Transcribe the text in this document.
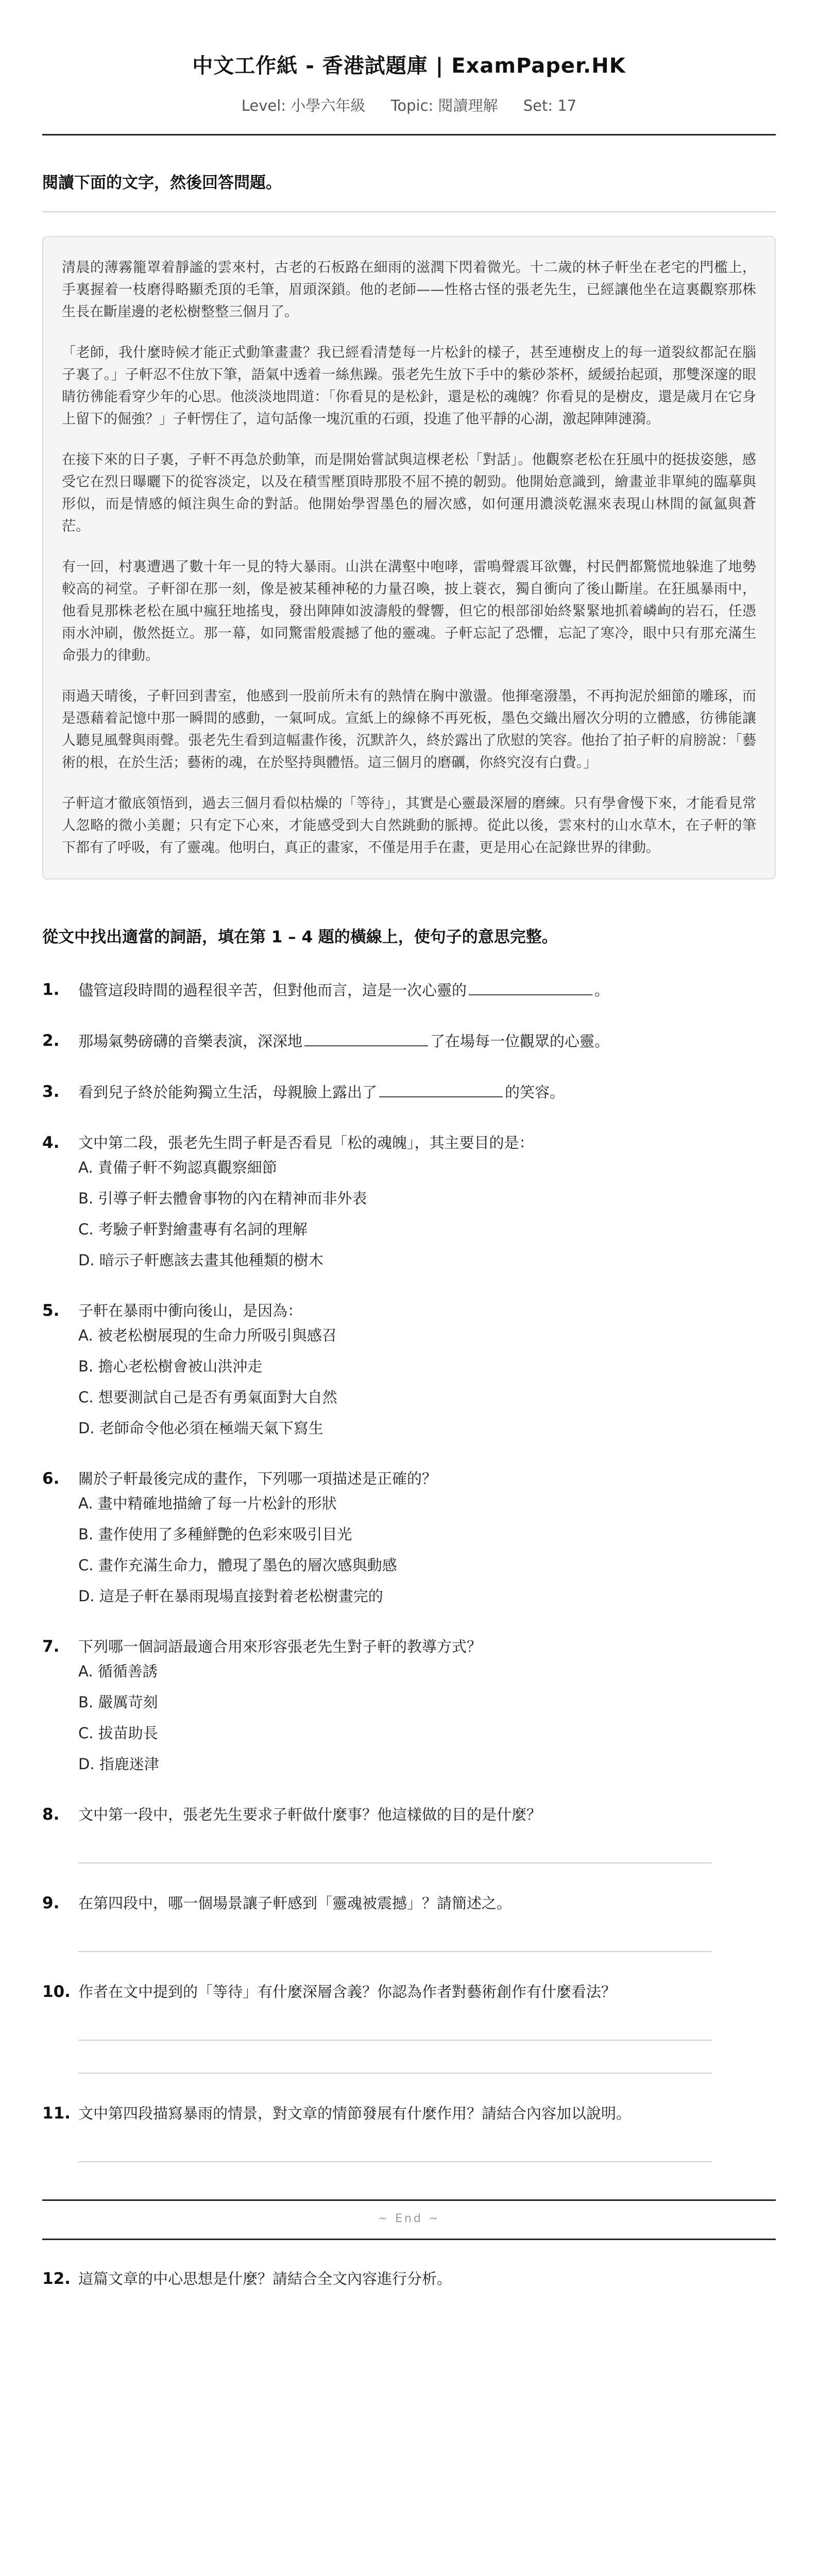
中文工作紙 - 香港試題庫 | ExamPaper.HK
Level: 小學六年級 Topic: 閱讀理解 Set: 17
閱讀下面的文字，然後回答問題。

清晨的薄霧籠罩着靜謐的雲來村，古老的石板路在細雨的滋潤下閃着微光。十二歲的林子軒坐在老宅的門檻上，手裏握着一枝磨得略顯禿頂的毛筆，眉頭深鎖。他的老師——性格古怪的張老先生，已經讓他坐在這裏觀察那株生長在斷崖邊的老松樹整整三個月了。

「老師，我什麼時候才能正式動筆畫畫？我已經看清楚每一片松針的樣子，甚至連樹皮上的每一道裂紋都記在腦子裏了。」子軒忍不住放下筆，語氣中透着一絲焦躁。張老先生放下手中的紫砂茶杯，緩緩抬起頭，那雙深邃的眼睛彷彿能看穿少年的心思。他淡淡地問道：「你看見的是松針，還是松的魂魄？你看見的是樹皮，還是歲月在它身上留下的倔強？」子軒愣住了，這句話像一塊沉重的石頭，投進了他平靜的心湖，激起陣陣漣漪。

在接下來的日子裏，子軒不再急於動筆，而是開始嘗試與這棵老松「對話」。他觀察老松在狂風中的挺拔姿態，感受它在烈日曝曬下的從容淡定，以及在積雪壓頂時那股不屈不撓的韌勁。他開始意識到，繪畫並非單純的臨摹與形似，而是情感的傾注與生命的對話。他開始學習墨色的層次感，如何運用濃淡乾濕來表現山林間的氤氳與蒼茫。

有一回，村裏遭遇了數十年一見的特大暴雨。山洪在溝壑中咆哮，雷鳴聲震耳欲聾，村民們都驚慌地躲進了地勢較高的祠堂。子軒卻在那一刻，像是被某種神秘的力量召喚，披上蓑衣，獨自衝向了後山斷崖。在狂風暴雨中，他看見那株老松在風中瘋狂地搖曳，發出陣陣如波濤般的聲響，但它的根部卻始終緊緊地抓着嶙峋的岩石，任憑雨水沖刷，傲然挺立。那一幕，如同驚雷般震撼了他的靈魂。子軒忘記了恐懼，忘記了寒冷，眼中只有那充滿生命張力的律動。

雨過天晴後，子軒回到書室，他感到一股前所未有的熱情在胸中激盪。他揮毫潑墨，不再拘泥於細節的雕琢，而是憑藉着記憶中那一瞬間的感動，一氣呵成。宣紙上的線條不再死板，墨色交織出層次分明的立體感，彷彿能讓人聽見風聲與雨聲。張老先生看到這幅畫作後，沉默許久，終於露出了欣慰的笑容。他抬了拍子軒的肩膀說：「藝術的根，在於生活；藝術的魂，在於堅持與體悟。這三個月的磨礪，你終究沒有白費。」

子軒這才徹底領悟到，過去三個月看似枯燥的「等待」，其實是心靈最深層的磨練。只有學會慢下來，才能看見常人忽略的微小美麗；只有定下心來，才能感受到大自然跳動的脈搏。從此以後，雲來村的山水草木，在子軒的筆下都有了呼吸，有了靈魂。他明白，真正的畫家，不僅是用手在畫，更是用心在記錄世界的律動。

從文中找出適當的詞語，填在第 1 – 4 題的橫線上，使句子的意思完整。
1.	儘管這段時間的過程很辛苦，但對他而言，這是一次心靈的	。
2.	那場氣勢磅礴的音樂表演，深深地	了在場每一位觀眾的心靈。
3.	看到兒子終於能夠獨立生活，母親臉上露出了	的笑容。
4.	文中第二段，張老先生問子軒是否看見「松的魂魄」，其主要目的是：
A. 責備子軒不夠認真觀察細節
B. 引導子軒去體會事物的內在精神而非外表
C. 考驗子軒對繪畫專有名詞的理解
D. 暗示子軒應該去畫其他種類的樹木
5.	子軒在暴雨中衝向後山，是因為：
A. 被老松樹展現的生命力所吸引與感召
B. 擔心老松樹會被山洪沖走
C. 想要測試自己是否有勇氣面對大自然
D. 老師命令他必須在極端天氣下寫生
6.	關於子軒最後完成的畫作，下列哪一項描述是正確的？
A. 畫中精確地描繪了每一片松針的形狀
B. 畫作使用了多種鮮艷的色彩來吸引目光
C. 畫作充滿生命力，體現了墨色的層次感與動感
D. 這是子軒在暴雨現場直接對着老松樹畫完的
7.	下列哪一個詞語最適合用來形容張老先生對子軒的教導方式？
A. 循循善誘
B. 嚴厲苛刻
C. 拔苗助長
D. 指鹿迷津
8.	文中第一段中，張老先生要求子軒做什麼事？他這樣做的目的是什麼？
9.	在第四段中，哪一個場景讓子軒感到「靈魂被震撼」？請簡述之。
10. 作者在文中提到的「等待」有什麼深層含義？你認為作者對藝術創作有什麼看法？
11. 文中第四段描寫暴雨的情景，對文章的情節發展有什麼作用？請結合內容加以說明。
~ End ~
12. 這篇文章的中心思想是什麼？請結合全文內容進行分析。
